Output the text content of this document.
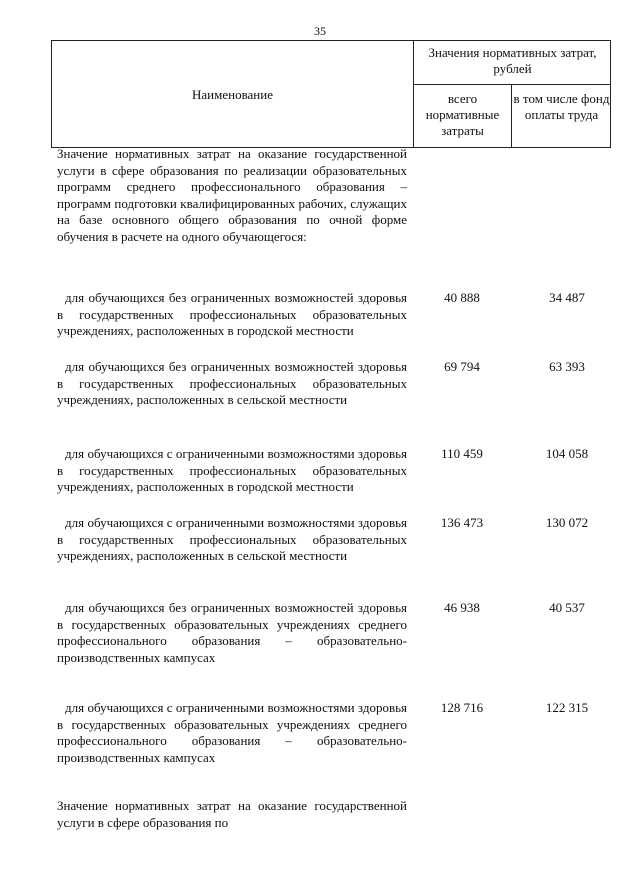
35
Наименование
Значения нормативных затрат, рублей
всего нормативные затраты
в том числе фонд оплаты труда
Значение нормативных затрат на оказание государственной услуги в сфере образования по реализации образовательных программ среднего профессионального образования – программ подготовки квалифицированных рабочих, служащих на базе основного общего образования по очной форме обучения в расчете на одного обучающегося:
для обучающихся без ограниченных возможностей здоровья в государственных профессиональных образовательных учреждениях, расположенных в городской местности
40 888	34 487
для обучающихся без ограниченных возможностей здоровья в государственных профессиональных образовательных учреждениях, расположенных в сельской местности
69 794	63 393
для обучающихся с ограниченными возможностями здоровья в государственных профессиональных образовательных учреждениях, расположенных в городской местности
110 459	104 058
для обучающихся с ограниченными возможностями здоровья в государственных профессиональных образовательных учреждениях, расположенных в сельской местности
136 473	130 072
для обучающихся без ограниченных возможностей здоровья в государственных образовательных учреждениях среднего профессионального образования – образовательно-производственных кампусах
46 938	40 537
для обучающихся с ограниченными возможностями здоровья в государственных образовательных учреждениях среднего профессионального образования – образовательно-производственных кампусах
128 716	122 315
Значение нормативных затрат на оказание государственной услуги в сфере образования по
